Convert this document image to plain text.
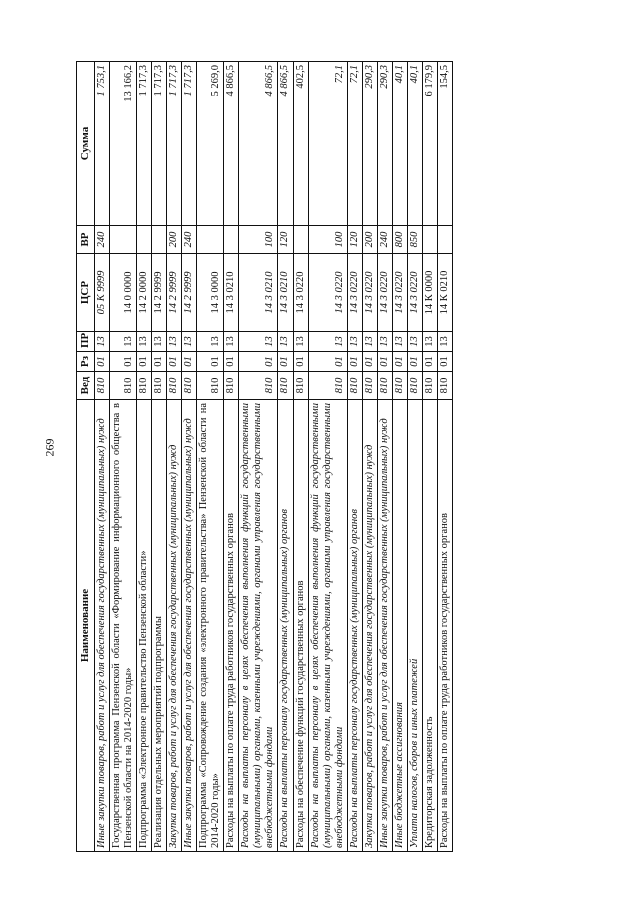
269
Наименование	Вед	Рз	ПР	ЦСР	ВР	Сумма
Иные закупки товаров, работ и услуг для обеспечения государственных (муниципальных) нужд	810	01	13	05 К 9999	240	1 753,1
Государственная программа Пензенской области «Формирование информационного общества в Пензенской области на 2014-2020 годы»	810	01	13	14 0 0000		13 166,2
Подпрограмма «Электронное правительство Пензенской области»	810	01	13	14 2 0000		1 717,3
Реализация отдельных мероприятий подпрограммы	810	01	13	14 2 9999		1 717,3
Закупка товаров, работ и услуг для обеспечения государственных (муниципальных) нужд	810	01	13	14 2 9999	200	1 717,3
Иные закупки товаров, работ и услуг для обеспечения государственных (муниципальных) нужд	810	01	13	14 2 9999	240	1 717,3
Подпрограмма «Сопровождение создания «электронного правительства» Пензенской области на 2014-2020 годы»	810	01	13	14 3 0000		5 269,0
Расходы на выплаты по оплате труда работников государственных органов	810	01	13	14 3 0210		4 866,5
Расходы на выплаты персоналу в целях обеспечения выполнения функций государственными (муниципальными) органами, казенными учреждениями, органами управления государственными внебюджетными фондами	810	01	13	14 3 0210	100	4 866,5
Расходы на выплаты персоналу государственных (муниципальных) органов	810	01	13	14 3 0210	120	4 866,5
Расходы на обеспечение функций государственных органов	810	01	13	14 3 0220		402,5
Расходы на выплаты персоналу в целях обеспечения выполнения функций государственными (муниципальными) органами, казенными учреждениями, органами управления государственными внебюджетными фондами	810	01	13	14 3 0220	100	72,1
Расходы на выплаты персоналу государственных (муниципальных) органов	810	01	13	14 3 0220	120	72,1
Закупка товаров, работ и услуг для обеспечения государственных (муниципальных) нужд	810	01	13	14 3 0220	200	290,3
Иные закупки товаров, работ и услуг для обеспечения государственных (муниципальных) нужд	810	01	13	14 3 0220	240	290,3
Иные бюджетные ассигнования	810	01	13	14 3 0220	800	40,1
Уплата налогов, сборов и иных платежей	810	01	13	14 3 0220	850	40,1
Кредиторская задолженность	810	01	13	14 К 0000		6 179,9
Расходы на выплаты по оплате труда работников государственных органов	810	01	13	14 К 0210		154,5
